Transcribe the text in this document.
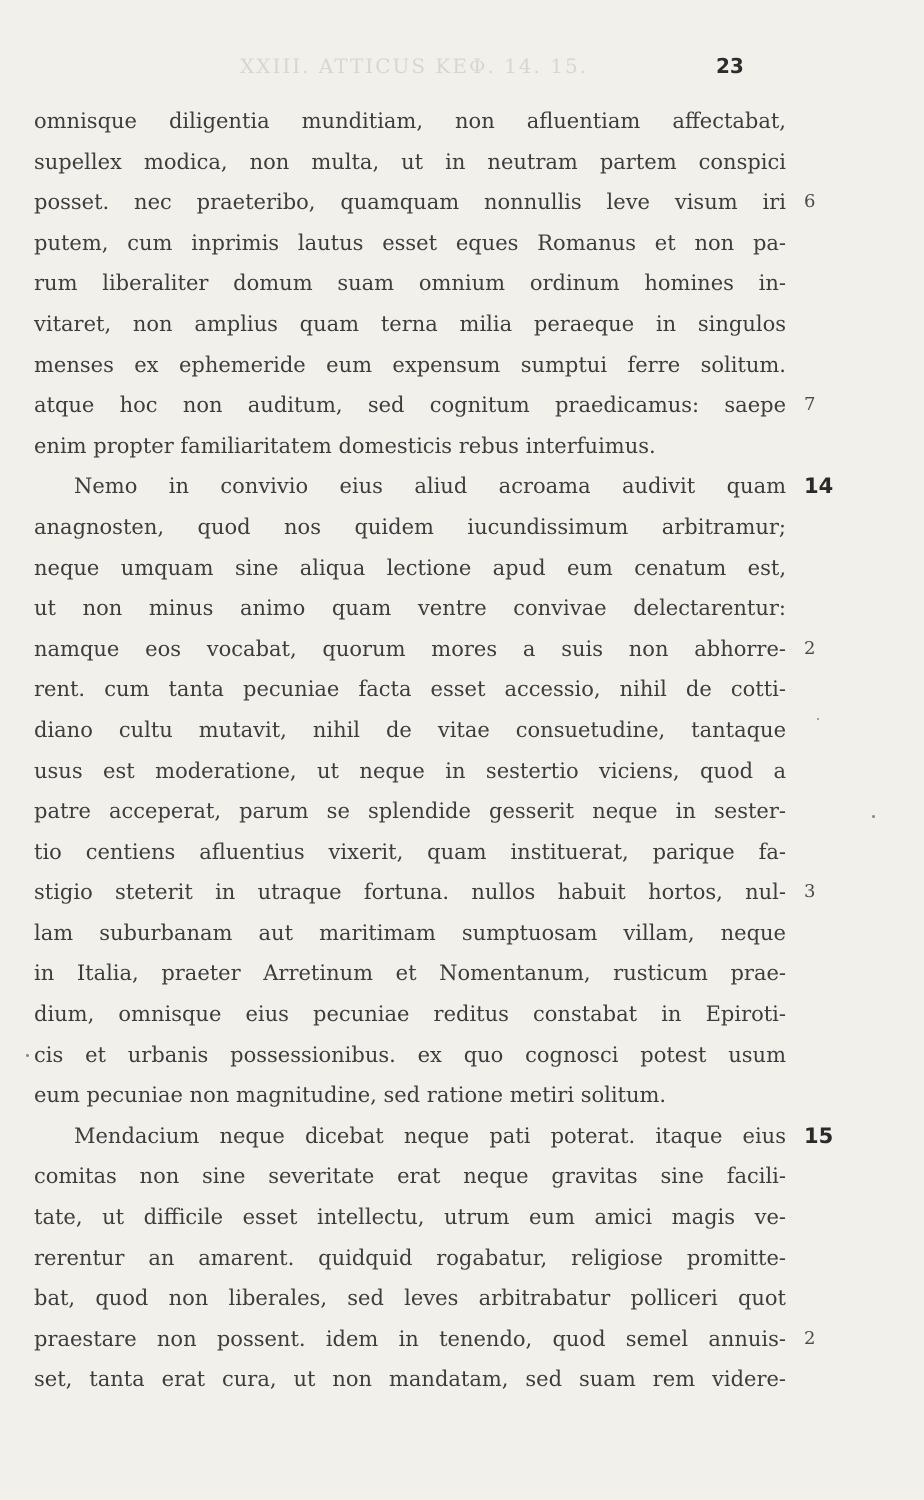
XXIII. ATTICUS ΚΕΦ. 14. 15.	23
omnisque diligentia munditiam, non afluentiam affectabat,
supellex modica, non multa, ut in neutram partem conspici
posset. nec praeteribo, quamquam nonnullis leve visum iri 6
putem, cum inprimis lautus esset eques Romanus et non pa-
rum liberaliter domum suam omnium ordinum homines in-
vitaret, non amplius quam terna milia peraeque in singulos
menses ex ephemeride eum expensum sumptui ferre solitum.
atque hoc non auditum, sed cognitum praedicamus: saepe 7
enim propter familiaritatem domesticis rebus interfuimus.
Nemo in convivio eius aliud acroama audivit quam 14
anagnosten, quod nos quidem iucundissimum arbitramur;
neque umquam sine aliqua lectione apud eum cenatum est,
ut non minus animo quam ventre convivae delectarentur:
namque eos vocabat, quorum mores a suis non abhorre- 2
rent. cum tanta pecuniae facta esset accessio, nihil de cotti-
diano cultu mutavit, nihil de vitae consuetudine, tantaque
usus est moderatione, ut neque in sestertio viciens, quod a
patre acceperat, parum se splendide gesserit neque in sester-
tio centiens afluentius vixerit, quam instituerat, parique fa-
stigio steterit in utraque fortuna. nullos habuit hortos, nul- 3
lam suburbanam aut maritimam sumptuosam villam, neque
in Italia, praeter Arretinum et Nomentanum, rusticum prae-
dium, omnisque eius pecuniae reditus constabat in Epiroti-
cis et urbanis possessionibus. ex quo cognosci potest usum
eum pecuniae non magnitudine, sed ratione metiri solitum.
Mendacium neque dicebat neque pati poterat. itaque eius 15
comitas non sine severitate erat neque gravitas sine facili-
tate, ut difficile esset intellectu, utrum eum amici magis ve-
rerentur an amarent. quidquid rogabatur, religiose promitte-
bat, quod non liberales, sed leves arbitrabatur polliceri quot
praestare non possent. idem in tenendo, quod semel annuis- 2
set, tanta erat cura, ut non mandatam, sed suam rem videre-
